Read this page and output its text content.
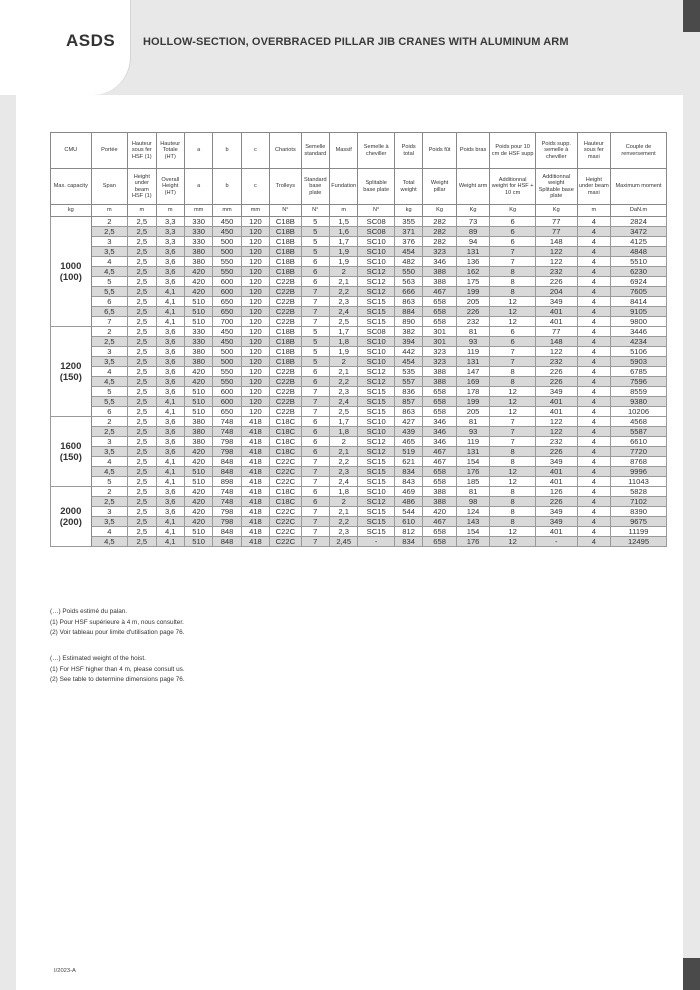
ASDS	HOLLOW-SECTION, OVERBRACED PILLAR JIB CRANES WITH ALUMINUM ARM
CMU	Portée	Hauteur sous fer HSF (1)	Hauteur Totale (HT)	a	b	c	Chariots	Semelle standard	Massif	Semelle à cheviller	Poids total	Poids fût	Poids bras	Poids pour 10 cm de HSF supp	Poids supp. semelle à cheviller	Hauteur sous fer maxi	Couple de renversement
Max. capacity	Span	Height under beam HSF (1)	Overall Height (HT)	a	b	c	Trolleys	Standard base plate	Fundation	Splitable base plate	Total weight	Weight pillar	Weight arm	Additionnal weight for HSF + 10 cm	Additionnal weight Splitable base plate	Height under beam maxi	Maximum moment
kg	m	m	m	mm	mm	mm	N°	N°	m	N°	kg	Kg	Kg	Kg	Kg	m	DaN.m

1000
(100)	2	2,5	3,3	330	450	120	C18B	5	1,5	SC08	355	282	73	6	77	4	2824
	2,5	2,5	3,3	330	450	120	C18B	5	1,6	SC08	371	282	89	6	77	4	3472
	3	2,5	3,3	330	500	120	C18B	5	1,7	SC10	376	282	94	6	148	4	4125
	3,5	2,5	3,6	380	500	120	C18B	5	1,9	SC10	454	323	131	7	122	4	4848
	4	2,5	3,6	380	550	120	C18B	6	1,9	SC10	482	346	136	7	122	4	5510
	4,5	2,5	3,6	420	550	120	C18B	6	2	SC12	550	388	162	8	232	4	6230
	5	2,5	3,6	420	600	120	C22B	6	2,1	SC12	563	388	175	8	226	4	6924
	5,5	2,5	4,1	420	600	120	C22B	7	2,2	SC12	666	467	199	8	204	4	7605
	6	2,5	4,1	510	650	120	C22B	7	2,3	SC15	863	658	205	12	349	4	8414
	6,5	2,5	4,1	510	650	120	C22B	7	2,4	SC15	884	658	226	12	401	4	9105
	7	2,5	4,1	510	700	120	C22B	7	2,5	SC15	890	658	232	12	401	4	9800

1200
(150)	2	2,5	3,6	330	450	120	C18B	5	1,7	SC08	382	301	81	6	77	4	3446
	2,5	2,5	3,6	330	450	120	C18B	5	1,8	SC10	394	301	93	6	148	4	4234
	3	2,5	3,6	380	500	120	C18B	5	1,9	SC10	442	323	119	7	122	4	5106
	3,5	2,5	3,6	380	500	120	C18B	5	2	SC10	454	323	131	7	232	4	5903
	4	2,5	3,6	420	550	120	C22B	6	2,1	SC12	535	388	147	8	226	4	6785
	4,5	2,5	3,6	420	550	120	C22B	6	2,2	SC12	557	388	169	8	226	4	7596
	5	2,5	3,6	510	600	120	C22B	7	2,3	SC15	836	658	178	12	349	4	8559
	5,5	2,5	4,1	510	600	120	C22B	7	2,4	SC15	857	658	199	12	401	4	9380
	6	2,5	4,1	510	650	120	C22B	7	2,5	SC15	863	658	205	12	401	4	10206

1600
(150)	2	2,5	3,6	380	748	418	C18C	6	1,7	SC10	427	346	81	7	122	4	4568
	2,5	2,5	3,6	380	748	418	C18C	6	1,8	SC10	439	346	93	7	122	4	5587
	3	2,5	3,6	380	798	418	C18C	6	2	SC12	465	346	119	7	232	4	6610
	3,5	2,5	3,6	420	798	418	C18C	6	2,1	SC12	519	467	131	8	226	4	7720
	4	2,5	4,1	420	848	418	C22C	7	2,2	SC15	621	467	154	8	349	4	8768
	4,5	2,5	4,1	510	848	418	C22C	7	2,3	SC15	834	658	176	12	401	4	9996
	5	2,5	4,1	510	898	418	C22C	7	2,4	SC15	843	658	185	12	401	4	11043

2000
(200)	2	2,5	3,6	420	748	418	C18C	6	1,8	SC10	469	388	81	8	126	4	5828
	2,5	2,5	3,6	420	748	418	C18C	6	2	SC12	486	388	98	8	226	4	7102
	3	2,5	3,6	420	798	418	C22C	7	2,1	SC15	544	420	124	8	349	4	8390
	3,5	2,5	4,1	420	798	418	C22C	7	2,2	SC15	610	467	143	8	349	4	9675
	4	2,5	4,1	510	848	418	C22C	7	2,3	SC15	812	658	154	12	401	4	11199
	4,5	2,5	4,1	510	848	418	C22C	7	2,45	-	834	658	176	12	-	4	12495
(…) Poids estimé du palan.
(1) Pour HSF supérieure à 4 m, nous consulter.
(2) Voir tableau pour limite d'utilisation page 76.
(…) Estimated weight of the hoist.
(1) For HSF higher than 4 m, please consult us.
(2) See table to determine dimensions page 76.
I/2023-A
